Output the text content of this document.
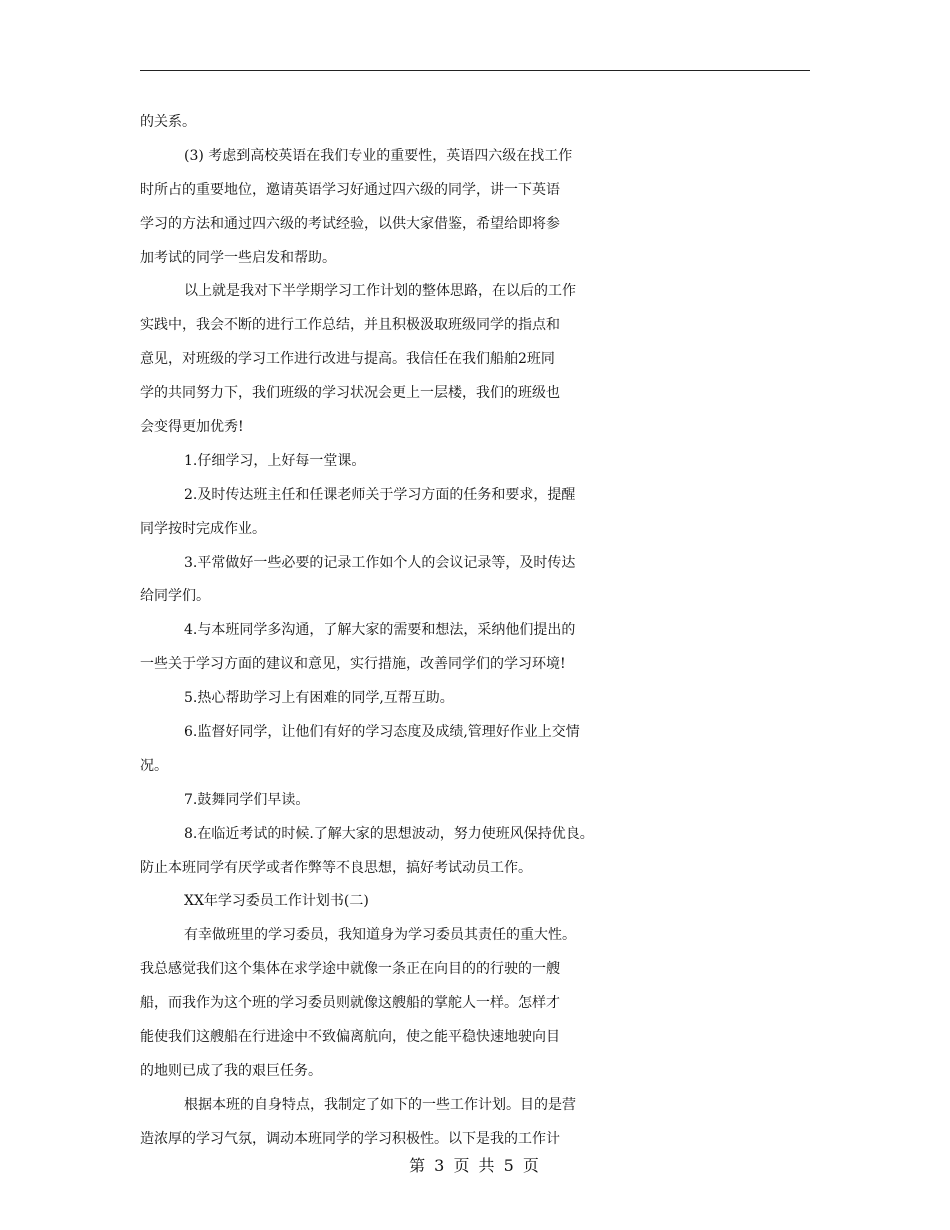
的关系。
(3) 考虑到高校英语在我们专业的重要性，英语四六级在找工作
时所占的重要地位，邀请英语学习好通过四六级的同学，讲一下英语
学习的方法和通过四六级的考试经验，以供大家借鉴，希望给即将参
加考试的同学一些启发和帮助。
以上就是我对下半学期学习工作计划的整体思路，在以后的工作
实践中，我会不断的进行工作总结，并且积极汲取班级同学的指点和
意见，对班级的学习工作进行改进与提高。我信任在我们船舶2班同
学的共同努力下，我们班级的学习状况会更上一层楼，我们的班级也
会变得更加优秀!
1.仔细学习，上好每一堂课。
2.及时传达班主任和任课老师关于学习方面的任务和要求，提醒
同学按时完成作业。
3.平常做好一些必要的记录工作如个人的会议记录等，及时传达
给同学们。
4.与本班同学多沟通，了解大家的需要和想法，采纳他们提出的
一些关于学习方面的建议和意见，实行措施，改善同学们的学习环境!
5.热心帮助学习上有困难的同学,互帮互助。
6.监督好同学，让他们有好的学习态度及成绩,管理好作业上交情
况。
7.鼓舞同学们早读。
8.在临近考试的时候.了解大家的思想波动，努力使班风保持优良。
防止本班同学有厌学或者作弊等不良思想，搞好考试动员工作。
XX年学习委员工作计划书(二)
有幸做班里的学习委员，我知道身为学习委员其责任的重大性。
我总感觉我们这个集体在求学途中就像一条正在向目的的行驶的一艘
船，而我作为这个班的学习委员则就像这艘船的掌舵人一样。怎样才
能使我们这艘船在行进途中不致偏离航向，使之能平稳快速地驶向目
的地则已成了我的艰巨任务。
根据本班的自身特点，我制定了如下的一些工作计划。目的是营
造浓厚的学习气氛，调动本班同学的学习积极性。以下是我的工作计
第 3 页 共 5 页
